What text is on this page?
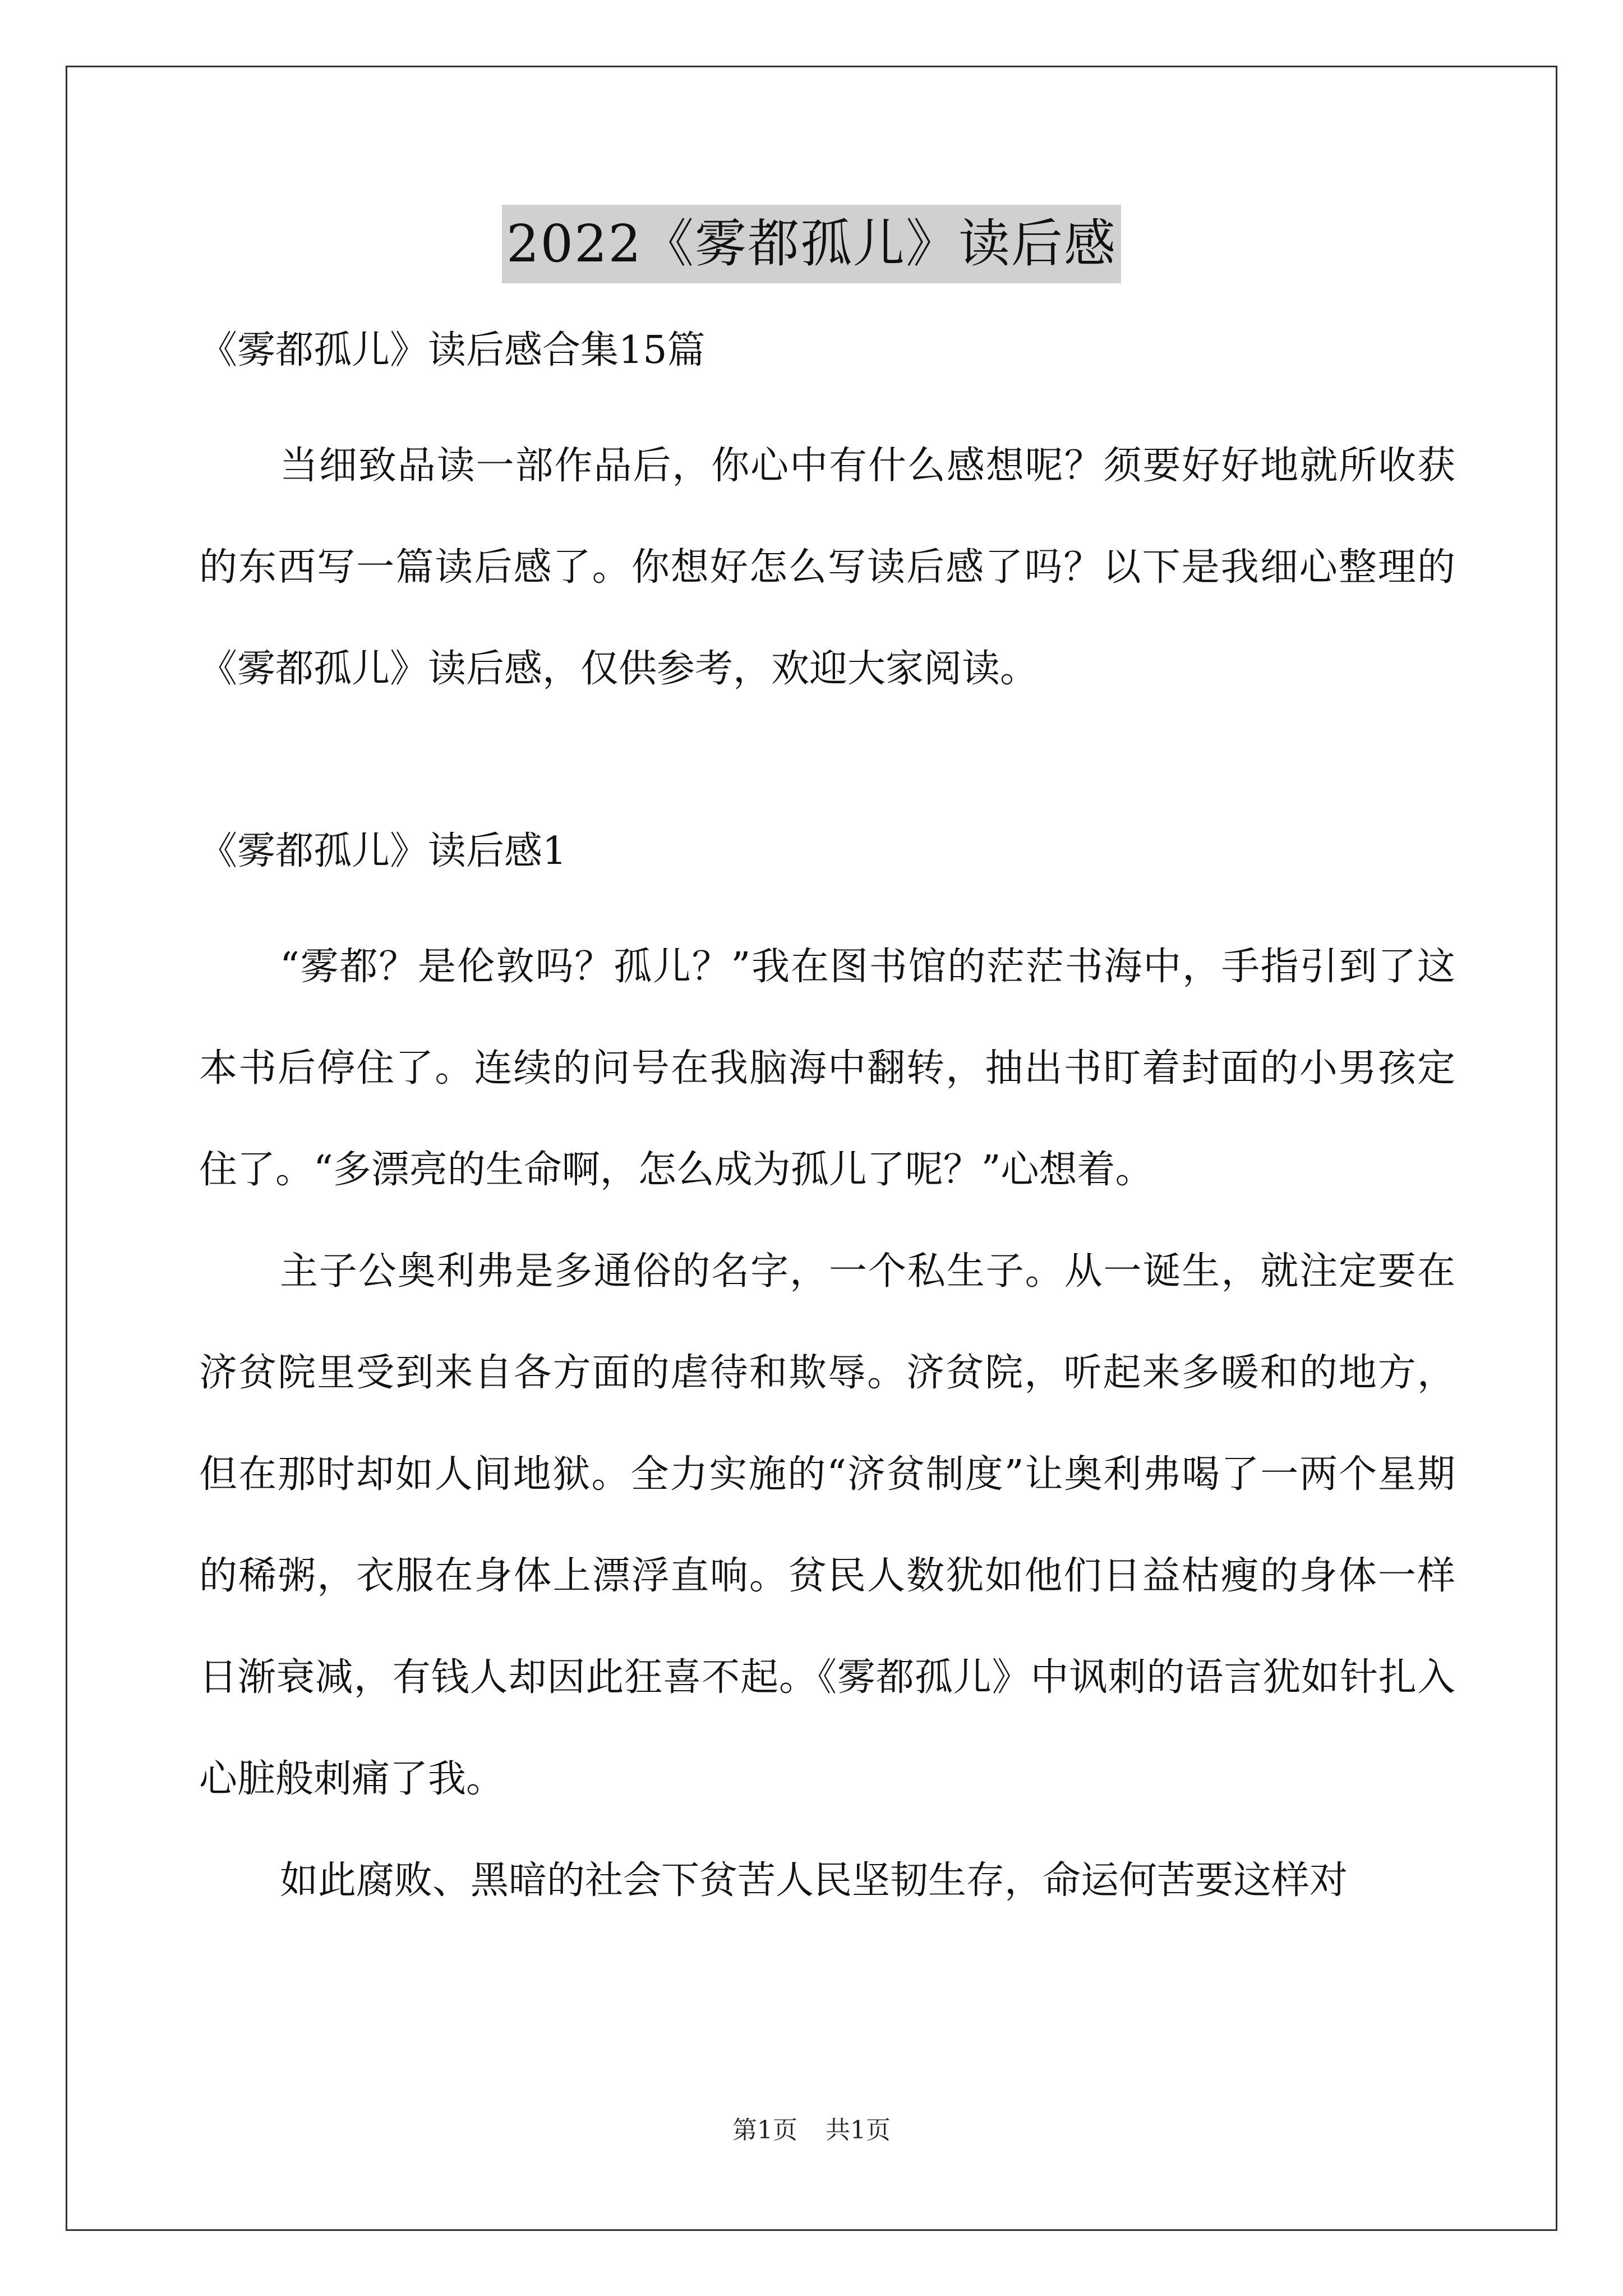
2022《雾都孤儿》读后感

《雾都孤儿》读后感合集15篇

当细致品读一部作品后，你心中有什么感想呢？须要好好地就所收获的东西写一篇读后感了。你想好怎么写读后感了吗？以下是我细心整理的《雾都孤儿》读后感，仅供参考，欢迎大家阅读。

《雾都孤儿》读后感1

“雾都？是伦敦吗？孤儿？”我在图书馆的茫茫书海中，手指引到了这本书后停住了。连续的问号在我脑海中翻转，抽出书盯着封面的小男孩定住了。“多漂亮的生命啊，怎么成为孤儿了呢？”心想着。

主子公奥利弗是多通俗的名字，一个私生子。从一诞生，就注定要在济贫院里受到来自各方面的虐待和欺辱。济贫院，听起来多暖和的地方，但在那时却如人间地狱。全力实施的“济贫制度”让奥利弗喝了一两个星期的稀粥，衣服在身体上漂浮直响。贫民人数犹如他们日益枯瘦的身体一样日渐衰减，有钱人却因此狂喜不起。《雾都孤儿》中讽刺的语言犹如针扎入心脏般刺痛了我。

如此腐败、黑暗的社会下贫苦人民坚韧生存，命运何苦要这样对

第1页 共1页
